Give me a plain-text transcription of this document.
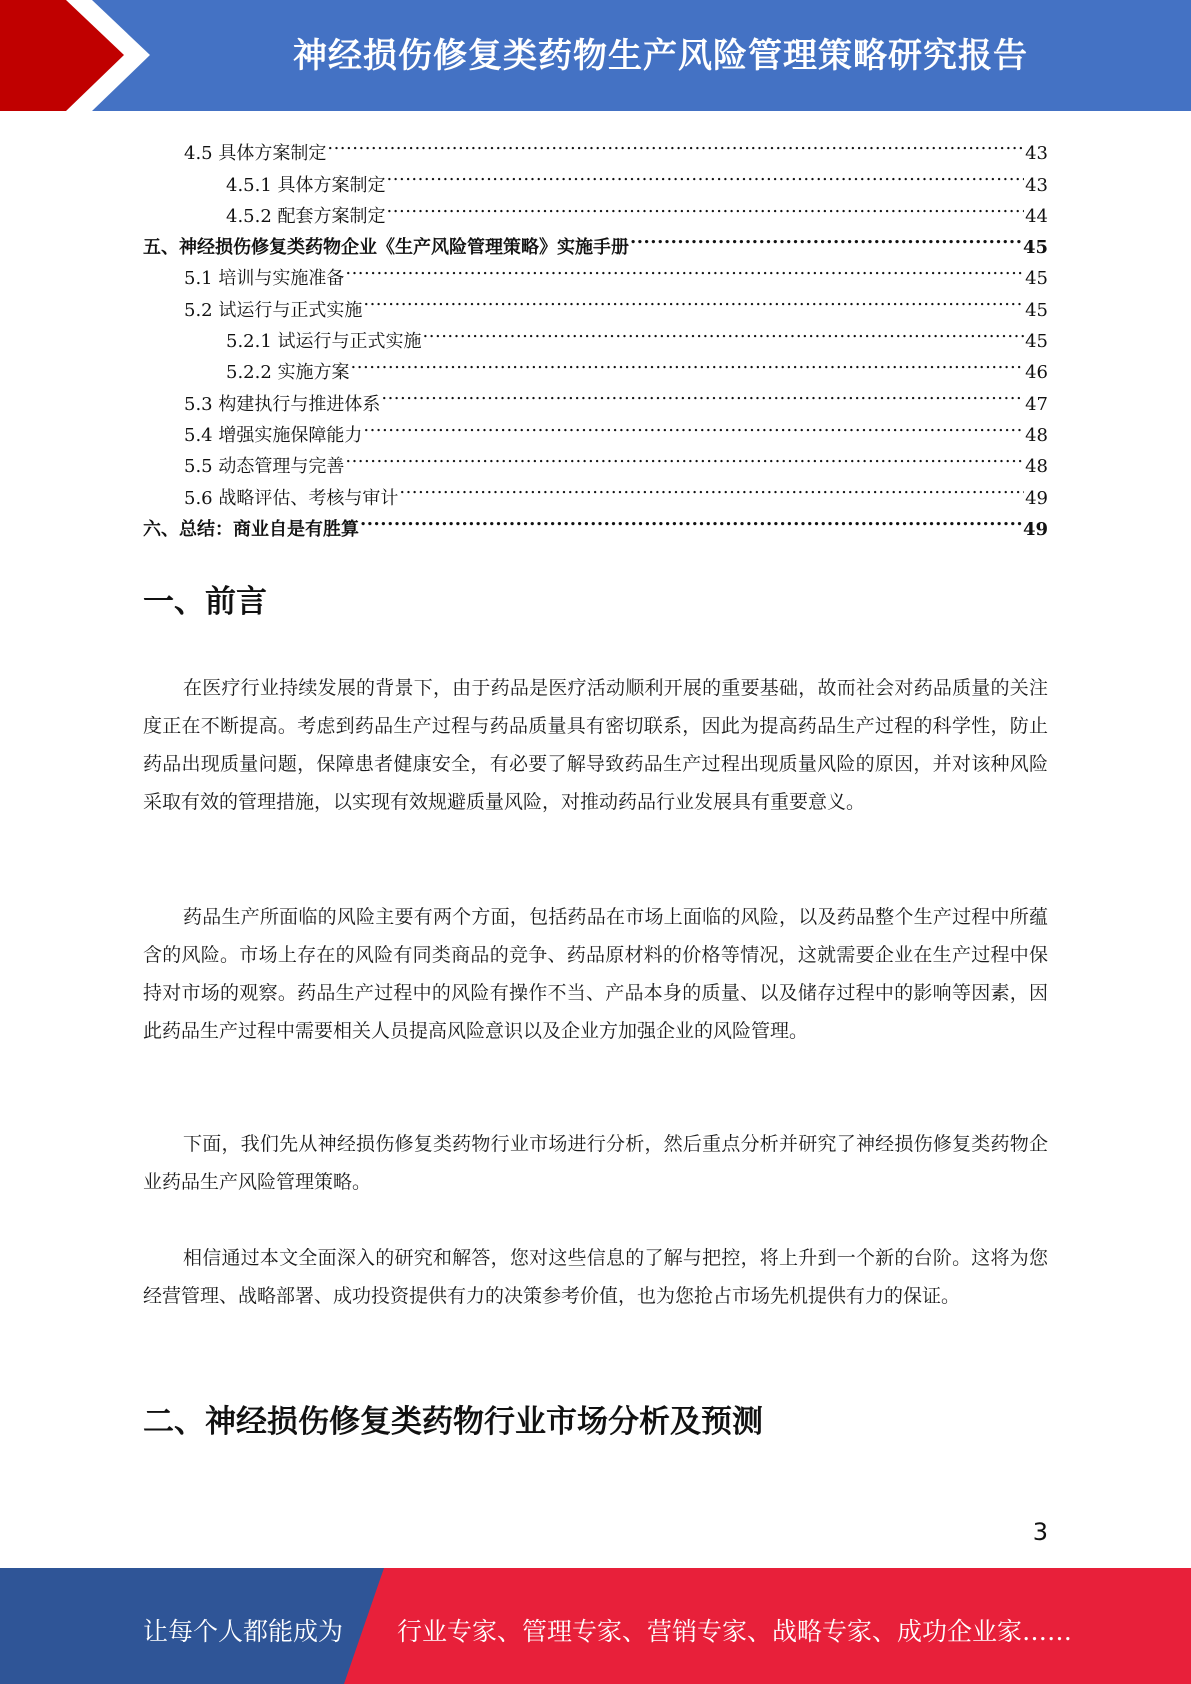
神经损伤修复类药物生产风险管理策略研究报告
4.5 具体方案制定 .....	43
4.5.1 具体方案制定 .....	43
4.5.2 配套方案制定 .....	44
五、神经损伤修复类药物企业《生产风险管理策略》实施手册 .....	45
5.1 培训与实施准备 .....	45
5.2 试运行与正式实施 .....	45
5.2.1 试运行与正式实施 .....	45
5.2.2 实施方案 .....	46
5.3 构建执行与推进体系 .....	47
5.4 增强实施保障能力 .....	48
5.5 动态管理与完善 .....	48
5.6 战略评估、考核与审计 .....	49
六、总结：商业自是有胜算 .....	49
一、前言
在医疗行业持续发展的背景下，由于药品是医疗活动顺利开展的重要基础，故而社会对药品质量的关注度正在不断提高。考虑到药品生产过程与药品质量具有密切联系，因此为提高药品生产过程的科学性，防止药品出现质量问题，保障患者健康安全，有必要了解导致药品生产过程出现质量风险的原因，并对该种风险采取有效的管理措施，以实现有效规避质量风险，对推动药品行业发展具有重要意义。
药品生产所面临的风险主要有两个方面，包括药品在市场上面临的风险，以及药品整个生产过程中所蕴含的风险。市场上存在的风险有同类商品的竞争、药品原材料的价格等情况，这就需要企业在生产过程中保持对市场的观察。药品生产过程中的风险有操作不当、产品本身的质量、以及储存过程中的影响等因素，因此药品生产过程中需要相关人员提高风险意识以及企业方加强企业的风险管理。
下面，我们先从神经损伤修复类药物行业市场进行分析，然后重点分析并研究了神经损伤修复类药物企业药品生产风险管理策略。
相信通过本文全面深入的研究和解答，您对这些信息的了解与把控，将上升到一个新的台阶。这将为您经营管理、战略部署、成功投资提供有力的决策参考价值，也为您抢占市场先机提供有力的保证。
二、神经损伤修复类药物行业市场分析及预测
3
让每个人都能成为 行业专家、管理专家、营销专家、战略专家、成功企业家……
